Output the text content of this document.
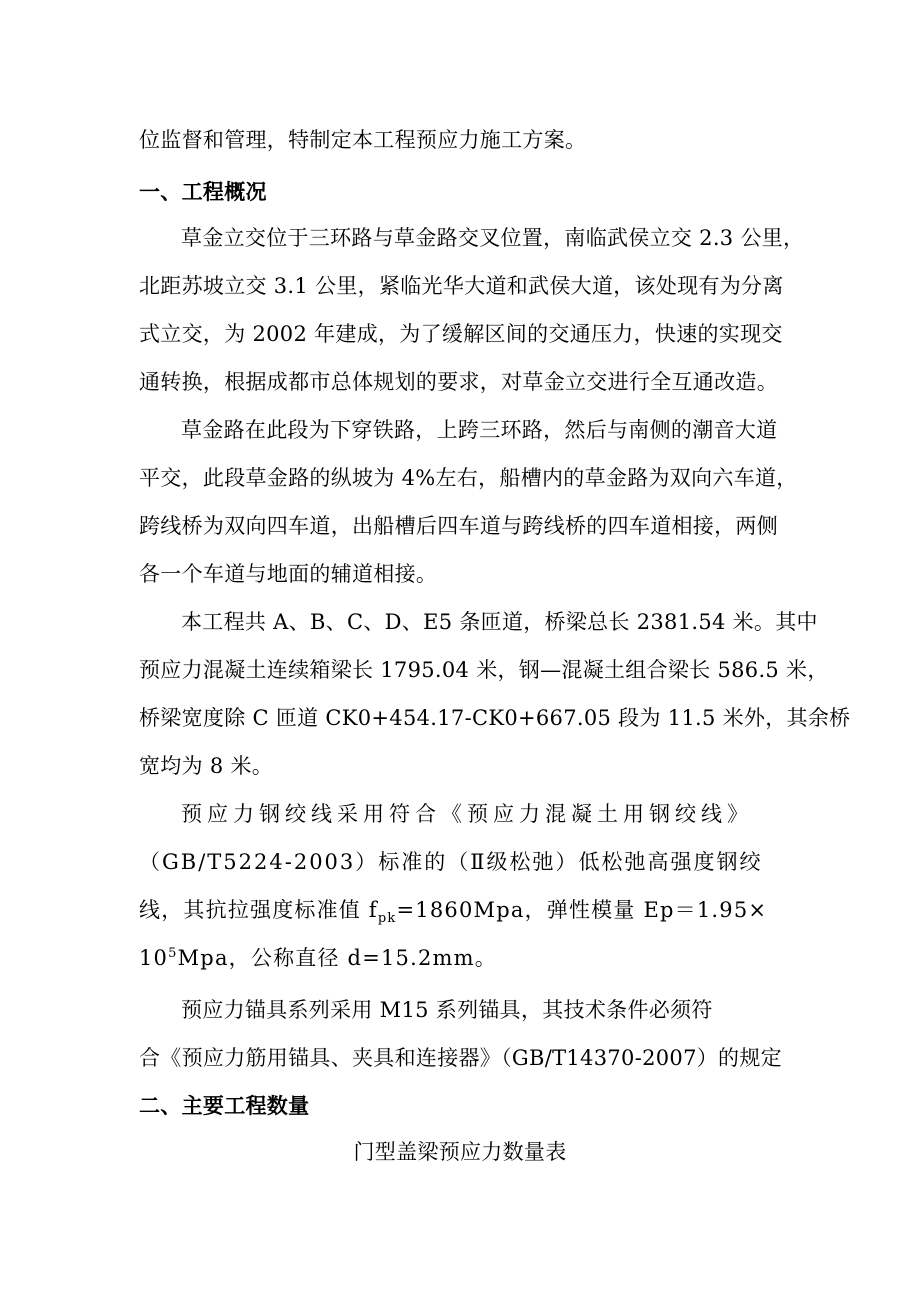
位监督和管理，特制定本工程预应力施工方案。
一、工程概况
草金立交位于三环路与草金路交叉位置，南临武侯立交 2.3 公里，
北距苏坡立交 3.1 公里，紧临光华大道和武侯大道，该处现有为分离
式立交，为 2002 年建成，为了缓解区间的交通压力，快速的实现交
通转换，根据成都市总体规划的要求，对草金立交进行全互通改造。
草金路在此段为下穿铁路，上跨三环路，然后与南侧的潮音大道
平交，此段草金路的纵坡为 4%左右，船槽内的草金路为双向六车道，
跨线桥为双向四车道，出船槽后四车道与跨线桥的四车道相接，两侧
各一个车道与地面的辅道相接。
本工程共 A、B、C、D、E5 条匝道，桥梁总长 2381.54 米。其中
预应力混凝土连续箱梁长 1795.04 米，钢—混凝土组合梁长 586.5 米，
桥梁宽度除 C 匝道 CK0+454.17-CK0+667.05 段为 11.5 米外，其余桥
宽均为 8 米。
预应力钢绞线采用符合《预应力混凝土用钢绞线》
（GB/T5224-2003）标准的（Ⅱ级松弛）低松弛高强度钢绞
线，其抗拉强度标准值 $f_{pk}=1860Mpa$，弹性模量 Ep＝1.95×
$10^5Mpa$，公称直径 d=15.2mm。
预应力锚具系列采用 M15 系列锚具，其技术条件必须符
合《预应力筋用锚具、夹具和连接器》（GB/T14370-2007）的规定
二、主要工程数量
门型盖梁预应力数量表
